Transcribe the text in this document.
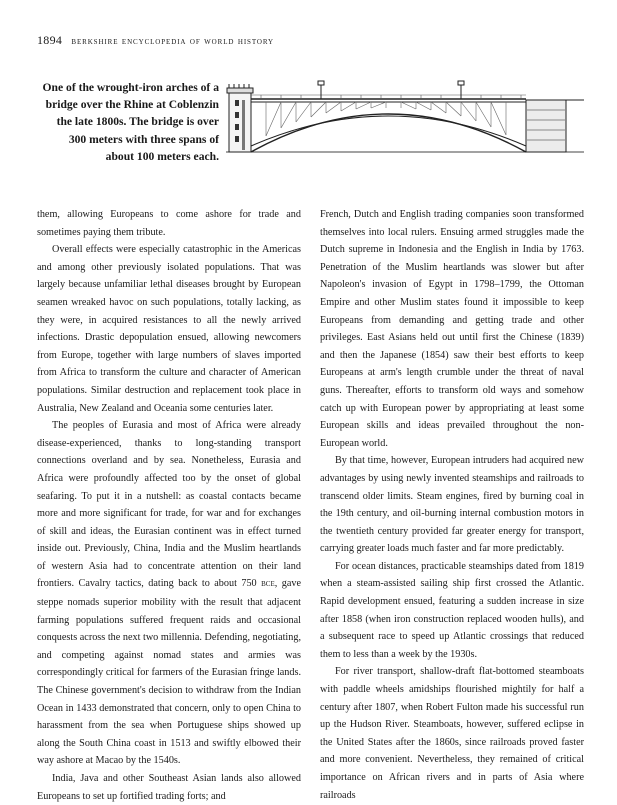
1894 berkshire encyclopedia of world history
One of the wrought-iron arches of a bridge over the Rhine at Coblenzin the late 1800s. The bridge is over 300 meters with three spans of about 100 meters each.

them, allowing Europeans to come ashore for trade and sometimes paying them tribute.

Overall effects were especially catastrophic in the Americas and among other previously isolated populations. That was largely because unfamiliar lethal diseases brought by European seamen wreaked havoc on such populations, totally lacking, as they were, in acquired resistances to all the newly arrived infections. Drastic depopulation ensued, allowing newcomers from Europe, together with large numbers of slaves imported from Africa to transform the culture and character of American populations. Similar destruction and replacement took place in Australia, New Zealand and Oceania some centuries later.

The peoples of Eurasia and most of Africa were already disease-experienced, thanks to long-standing transport connections overland and by sea. Nonetheless, Eurasia and Africa were profoundly affected too by the onset of global seafaring. To put it in a nutshell: as coastal contacts became more and more significant for trade, for war and for exchanges of skill and ideas, the Eurasian continent was in effect turned inside out. Previously, China, India and the Muslim heartlands of western Asia had to concentrate attention on their land frontiers. Cavalry tactics, dating back to about 750 bce, gave steppe nomads superior mobility with the result that adjacent farming populations suffered frequent raids and occasional conquests across the next two millennia. Defending, negotiating, and competing against nomad states and armies was correspondingly critical for farmers of the Eurasian fringe lands. The Chinese government's decision to withdraw from the Indian Ocean in 1433 demonstrated that concern, only to open China to harassment from the sea when Portuguese ships showed up along the South China coast in 1513 and swiftly elbowed their way ashore at Macao by the 1540s.

India, Java and other Southeast Asian lands also allowed Europeans to set up fortified trading forts; and

French, Dutch and English trading companies soon transformed themselves into local rulers. Ensuing armed struggles made the Dutch supreme in Indonesia and the English in India by 1763. Penetration of the Muslim heartlands was slower but after Napoleon's invasion of Egypt in 1798–1799, the Ottoman Empire and other Muslim states found it impossible to keep Europeans from demanding and getting trade and other privileges. East Asians held out until first the Chinese (1839) and then the Japanese (1854) saw their best efforts to keep Europeans at arm's length crumble under the threat of naval guns. Thereafter, efforts to transform old ways and somehow catch up with European power by appropriating at least some European skills and ideas prevailed throughout the non-European world.

By that time, however, European intruders had acquired new advantages by using newly invented steamships and railroads to transcend older limits. Steam engines, fired by burning coal in the 19th century, and oil-burning internal combustion motors in the twentieth century provided far greater energy for transport, carrying greater loads much faster and far more predictably.

For ocean distances, practicable steamships dated from 1819 when a steam-assisted sailing ship first crossed the Atlantic. Rapid development ensued, featuring a sudden increase in size after 1858 (when iron construction replaced wooden hulls), and a subsequent race to speed up Atlantic crossings that reduced them to less than a week by the 1930s.

For river transport, shallow-draft flat-bottomed steamboats with paddle wheels amidships flourished mightily for half a century after 1807, when Robert Fulton made his successful run up the Hudson River. Steamboats, however, suffered eclipse in the United States after the 1860s, since railroads proved faster and more convenient. Nevertheless, they remained of critical importance on African rivers and in parts of Asia where railroads
